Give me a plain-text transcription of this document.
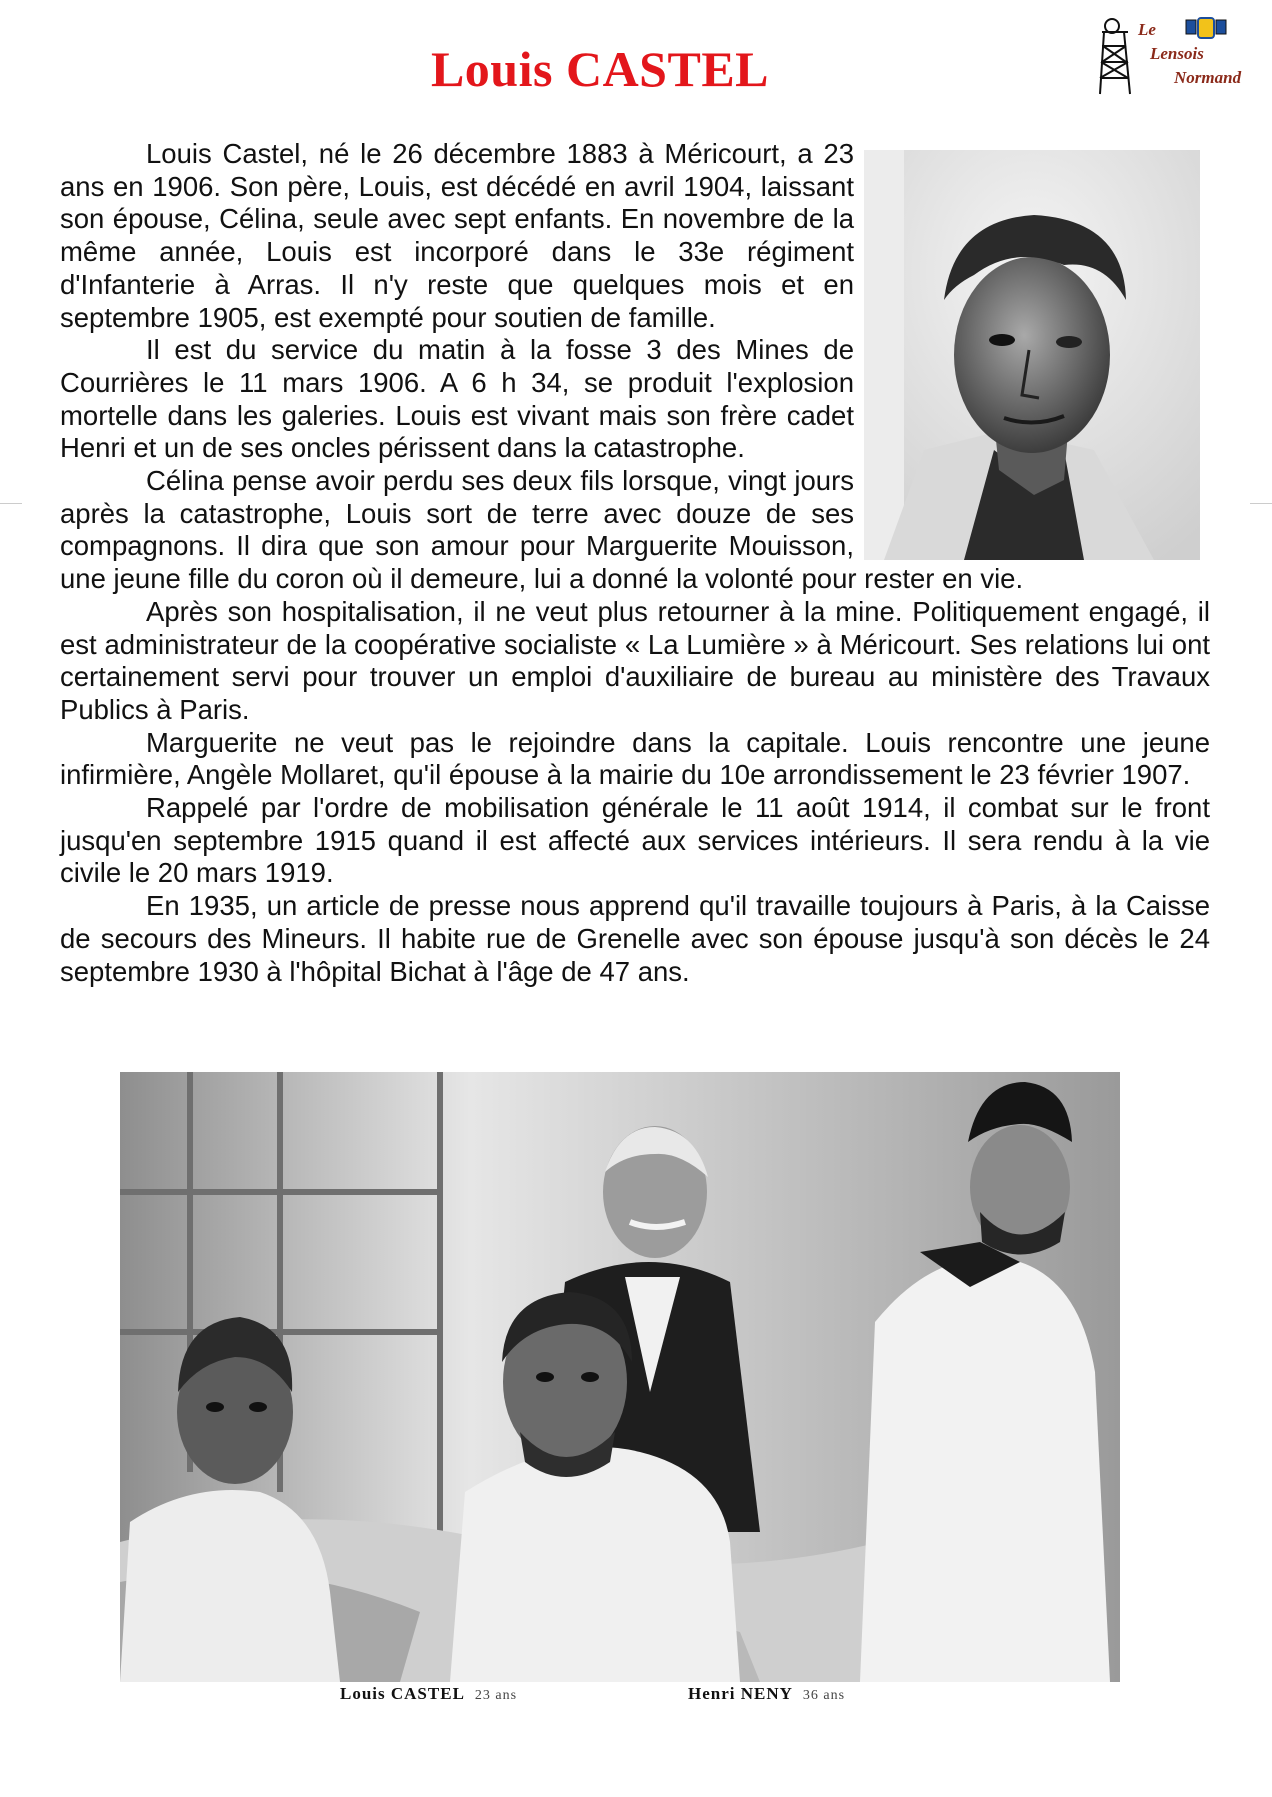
Louis CASTEL
Le
Lensois
Normand

Louis Castel, né le 26 décembre 1883 à Méricourt, a 23 ans en 1906. Son père, Louis, est décédé en avril 1904, laissant son épouse, Célina, seule avec sept enfants. En novembre de la même année, Louis est incorporé dans le 33e régiment d'Infanterie à Arras. Il n'y reste que quelques mois et en septembre 1905, est exempté pour soutien de famille.

Il est du service du matin à la fosse 3 des Mines de Courrières le 11 mars 1906. A 6 h 34, se produit l'explosion mortelle dans les galeries. Louis est vivant mais son frère cadet Henri et un de ses oncles périssent dans la catastrophe.

Célina pense avoir perdu ses deux fils lorsque, vingt jours après la catastrophe, Louis sort de terre avec douze de ses compagnons. Il dira que son amour pour Marguerite Mouisson, une jeune fille du coron où il demeure, lui a donné la volonté pour rester en vie.

Après son hospitalisation, il ne veut plus retourner à la mine. Politiquement engagé, il est administrateur de la coopérative socialiste « La Lumière » à Méricourt. Ses relations lui ont certainement servi pour trouver un emploi d'auxiliaire de bureau au ministère des Travaux Publics à Paris.

Marguerite ne veut pas le rejoindre dans la capitale. Louis rencontre une jeune infirmière, Angèle Mollaret, qu'il épouse à la mairie du 10e arrondissement le 23 février 1907.

Rappelé par l'ordre de mobilisation générale le 11 août 1914, il combat sur le front jusqu'en septembre 1915 quand il est affecté aux services intérieurs. Il sera rendu à la vie civile le 20 mars 1919.

En 1935, un article de presse nous apprend qu'il travaille toujours à Paris, à la Caisse de secours des Mineurs. Il habite rue de Grenelle avec son épouse jusqu'à son décès le 24 septembre 1930 à l'hôpital Bichat à l'âge de 47 ans.

Louis CASTEL 23 ans	Henri NENY 36 ans
